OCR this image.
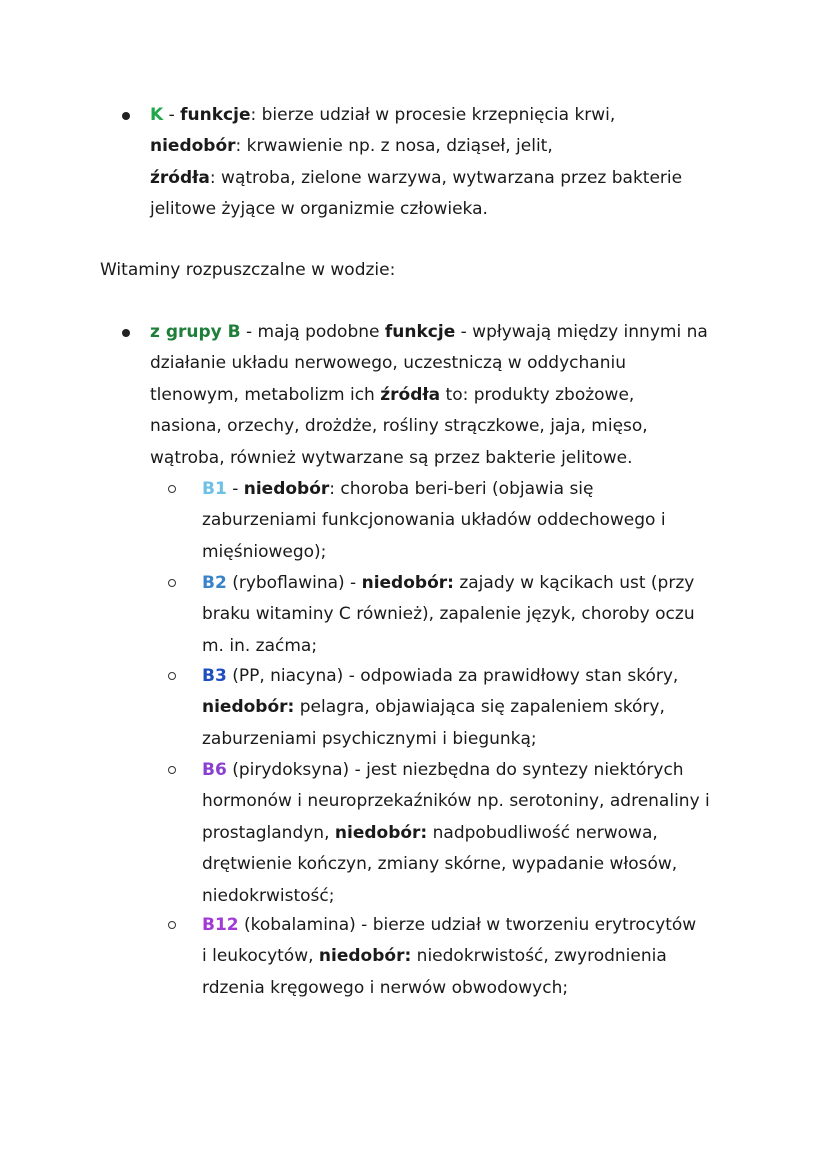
K - funkcje: bierze udział w procesie krzepnięcia krwi,
niedobór: krwawienie np. z nosa, dziąseł, jelit,
źródła: wątroba, zielone warzywa, wytwarzana przez bakterie
jelitowe żyjące w organizmie człowieka.
Witaminy rozpuszczalne w wodzie:
z grupy B - mają podobne funkcje - wpływają między innymi na
działanie układu nerwowego, uczestniczą w oddychaniu
tlenowym, metabolizm ich źródła to: produkty zbożowe,
nasiona, orzechy, drożdże, rośliny strączkowe, jaja, mięso,
wątroba, również wytwarzane są przez bakterie jelitowe.
B1 - niedobór: choroba beri-beri (objawia się
zaburzeniami funkcjonowania układów oddechowego i
mięśniowego);
B2 (ryboflawina) - niedobór: zajady w kącikach ust (przy
braku witaminy C również), zapalenie język, choroby oczu
m. in. zaćma;
B3 (PP, niacyna) - odpowiada za prawidłowy stan skóry,
niedobór: pelagra, objawiająca się zapaleniem skóry,
zaburzeniami psychicznymi i biegunką;
B6 (pirydoksyna) - jest niezbędna do syntezy niektórych
hormonów i neuroprzekaźników np. serotoniny, adrenaliny i
prostaglandyn, niedobór: nadpobudliwość nerwowa,
drętwienie kończyn, zmiany skórne, wypadanie włosów,
niedokrwistość;
B12 (kobalamina) - bierze udział w tworzeniu erytrocytów
i leukocytów, niedobór: niedokrwistość, zwyrodnienia
rdzenia kręgowego i nerwów obwodowych;
